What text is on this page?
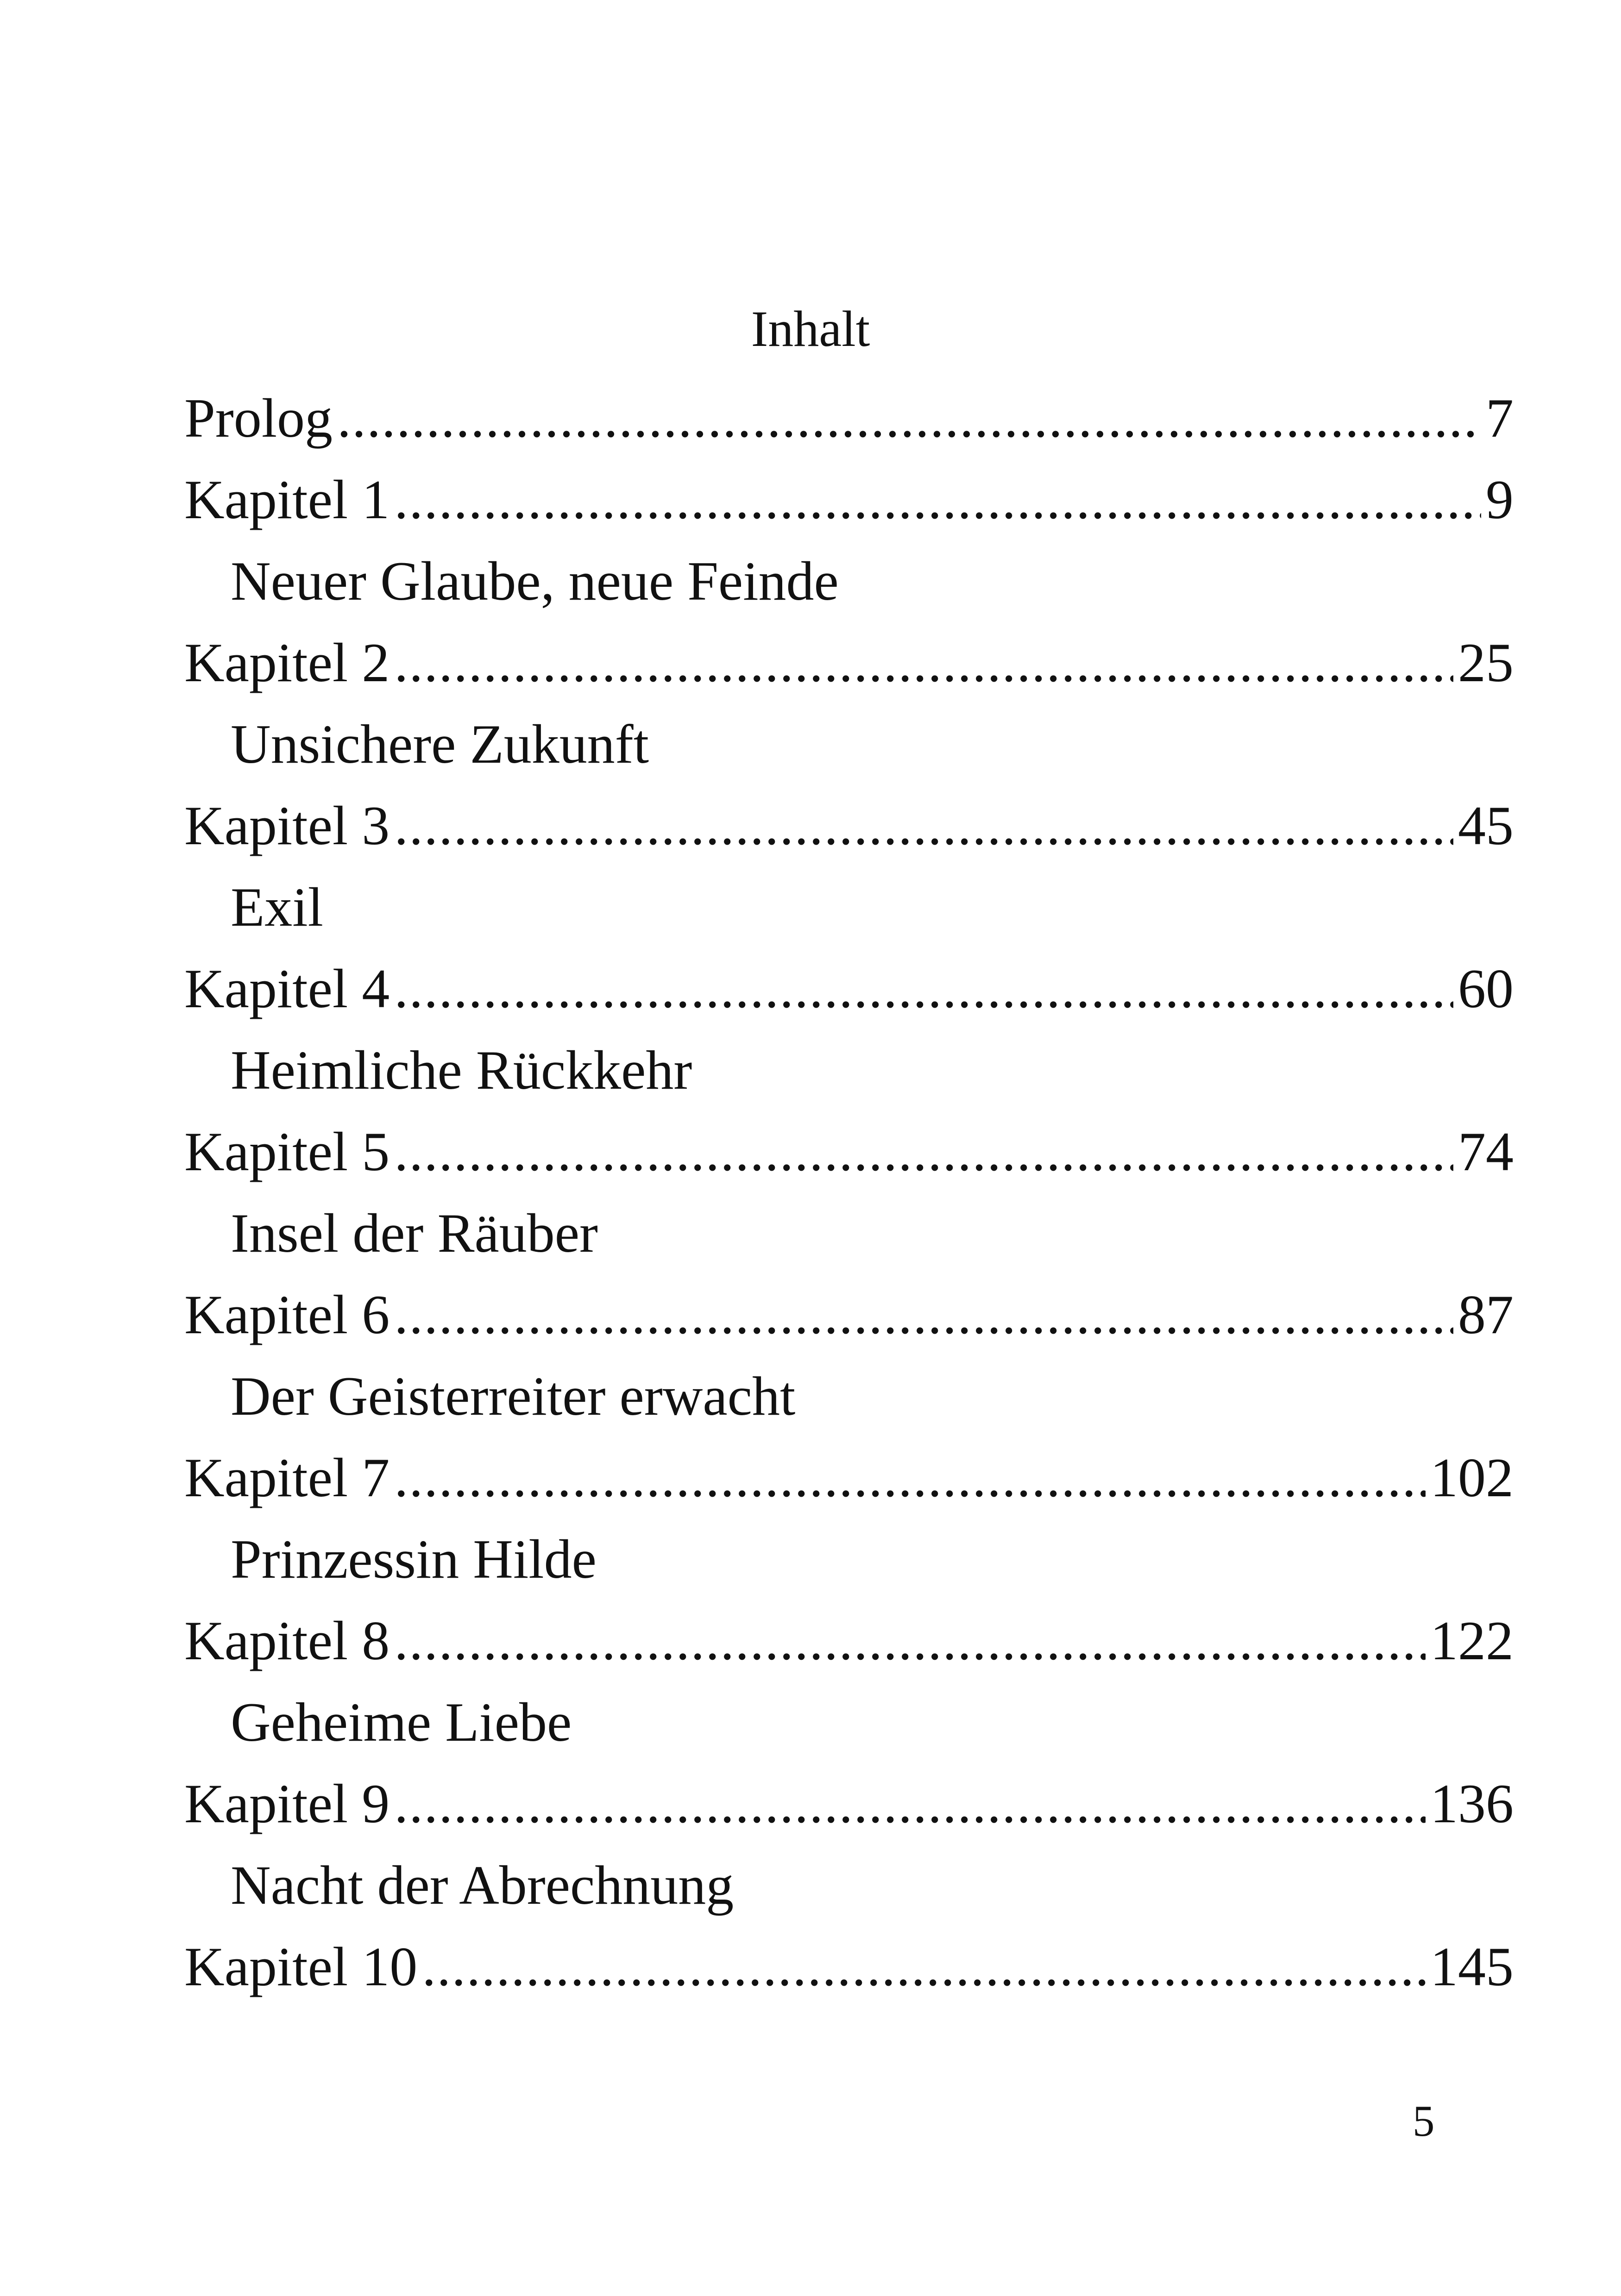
Inhalt
Prolog .....	7
Kapitel 1 .....	9
Neuer Glaube, neue Feinde
Kapitel 2 .....	25
Unsichere Zukunft
Kapitel 3 .....	45
Exil
Kapitel 4 .....	60
Heimliche Rückkehr
Kapitel 5 .....	74
Insel der Räuber
Kapitel 6 .....	87
Der Geisterreiter erwacht
Kapitel 7 .....	102
Prinzessin Hilde
Kapitel 8 .....	122
Geheime Liebe
Kapitel 9 .....	136
Nacht der Abrechnung
Kapitel 10 .....	145
5
